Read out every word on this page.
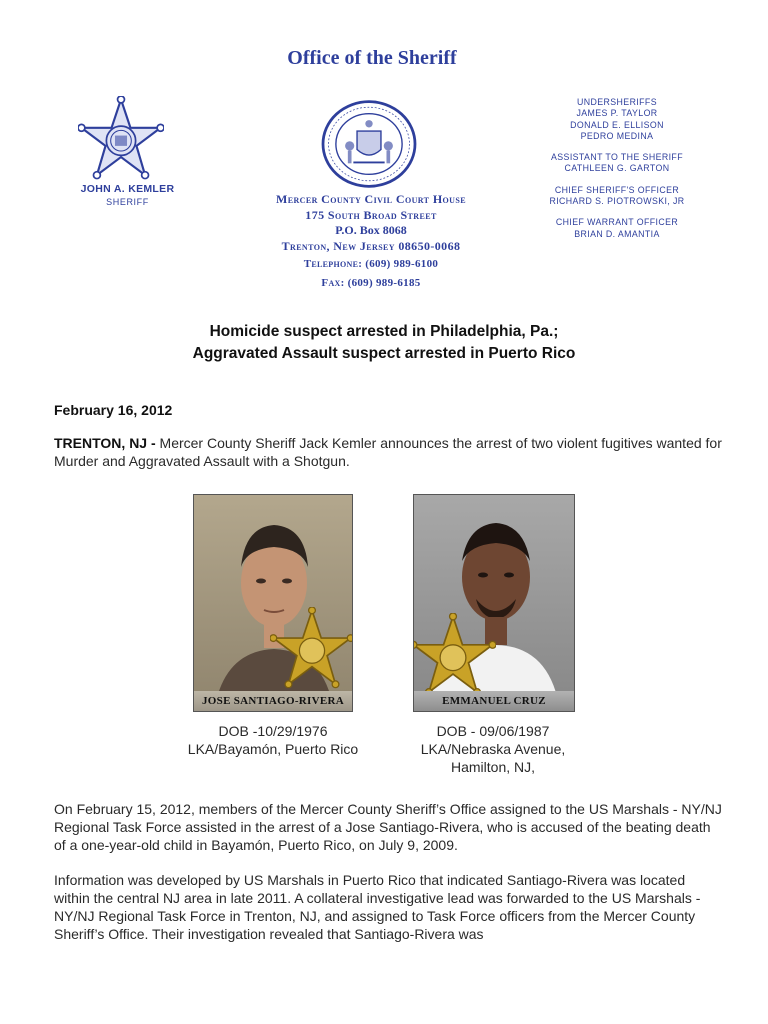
Office of the Sheriff
JOHN A. KEMLER
SHERIFF	Mercer County Civil Court House
175 South Broad Street
P.O. Box 8068
Trenton, New Jersey 08650-0068
Telephone: (609) 989-6100
Fax: (609) 989-6185
UNDERSHERIFFS
JAMES P. TAYLOR
DONALD E. ELLISON
PEDRO MEDINA
ASSISTANT TO THE SHERIFF
CATHLEEN G. GARTON
CHIEF SHERIFF'S OFFICER
RICHARD S. PIOTROWSKI, JR
CHIEF WARRANT OFFICER
BRIAN D. AMANTIA
Homicide suspect arrested in Philadelphia, Pa.;
Aggravated Assault suspect arrested in Puerto Rico
February 16, 2012
TRENTON, NJ - Mercer County Sheriff Jack Kemler announces the arrest of two violent fugitives wanted for Murder and Aggravated Assault with a Shotgun.
JOSE SANTIAGO-RIVERA	EMMANUEL CRUZ
DOB -10/29/1976
LKA/Bayamón, Puerto Rico
DOB - 09/06/1987
LKA/Nebraska Avenue,
Hamilton, NJ,
On February 15, 2012, members of the Mercer County Sheriff’s Office assigned to the US Marshals - NY/NJ Regional Task Force assisted in the arrest of a Jose Santiago-Rivera, who is accused of the beating death of a one-year-old child in Bayamón, Puerto Rico, on July 9, 2009.
Information was developed by US Marshals in Puerto Rico that indicated Santiago-Rivera was located within the central NJ area in late 2011. A collateral investigative lead was forwarded to the US Marshals - NY/NJ Regional Task Force in Trenton, NJ, and assigned to Task Force officers from the Mercer County Sheriff’s Office. Their investigation revealed that Santiago-Rivera was
